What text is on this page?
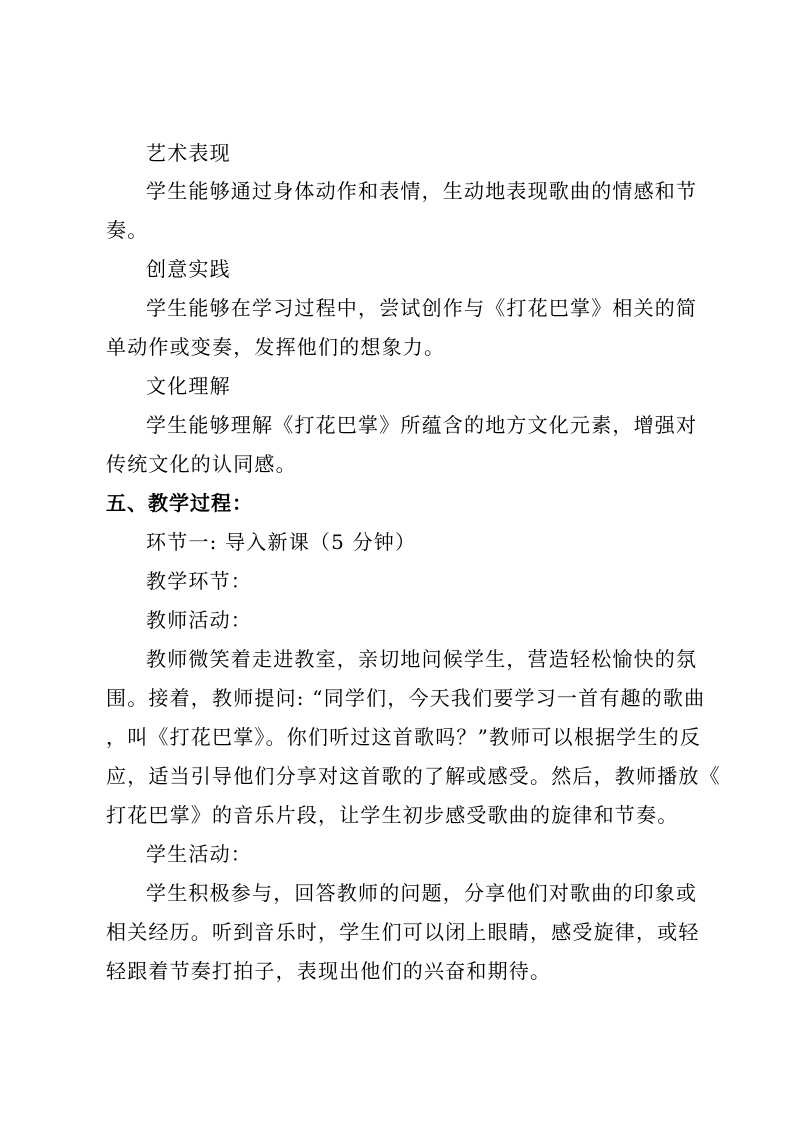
艺术表现
学生能够通过身体动作和表情，生动地表现歌曲的情感和节
奏。
创意实践
学生能够在学习过程中，尝试创作与《打花巴掌》相关的简
单动作或变奏，发挥他们的想象力。
文化理解
学生能够理解《打花巴掌》所蕴含的地方文化元素，增强对
传统文化的认同感。
五、教学过程：
环节一: 导入新课（5 分钟）
教学环节：
教师活动：
教师微笑着走进教室，亲切地问候学生，营造轻松愉快的氛
围。接着，教师提问: “同学们，今天我们要学习一首有趣的歌曲
，叫《打花巴掌》。你们听过这首歌吗？”教师可以根据学生的反
应，适当引导他们分享对这首歌的了解或感受。然后，教师播放《
打花巴掌》的音乐片段，让学生初步感受歌曲的旋律和节奏。
学生活动：
学生积极参与，回答教师的问题，分享他们对歌曲的印象或
相关经历。听到音乐时，学生们可以闭上眼睛，感受旋律，或轻
轻跟着节奏打拍子，表现出他们的兴奋和期待。
